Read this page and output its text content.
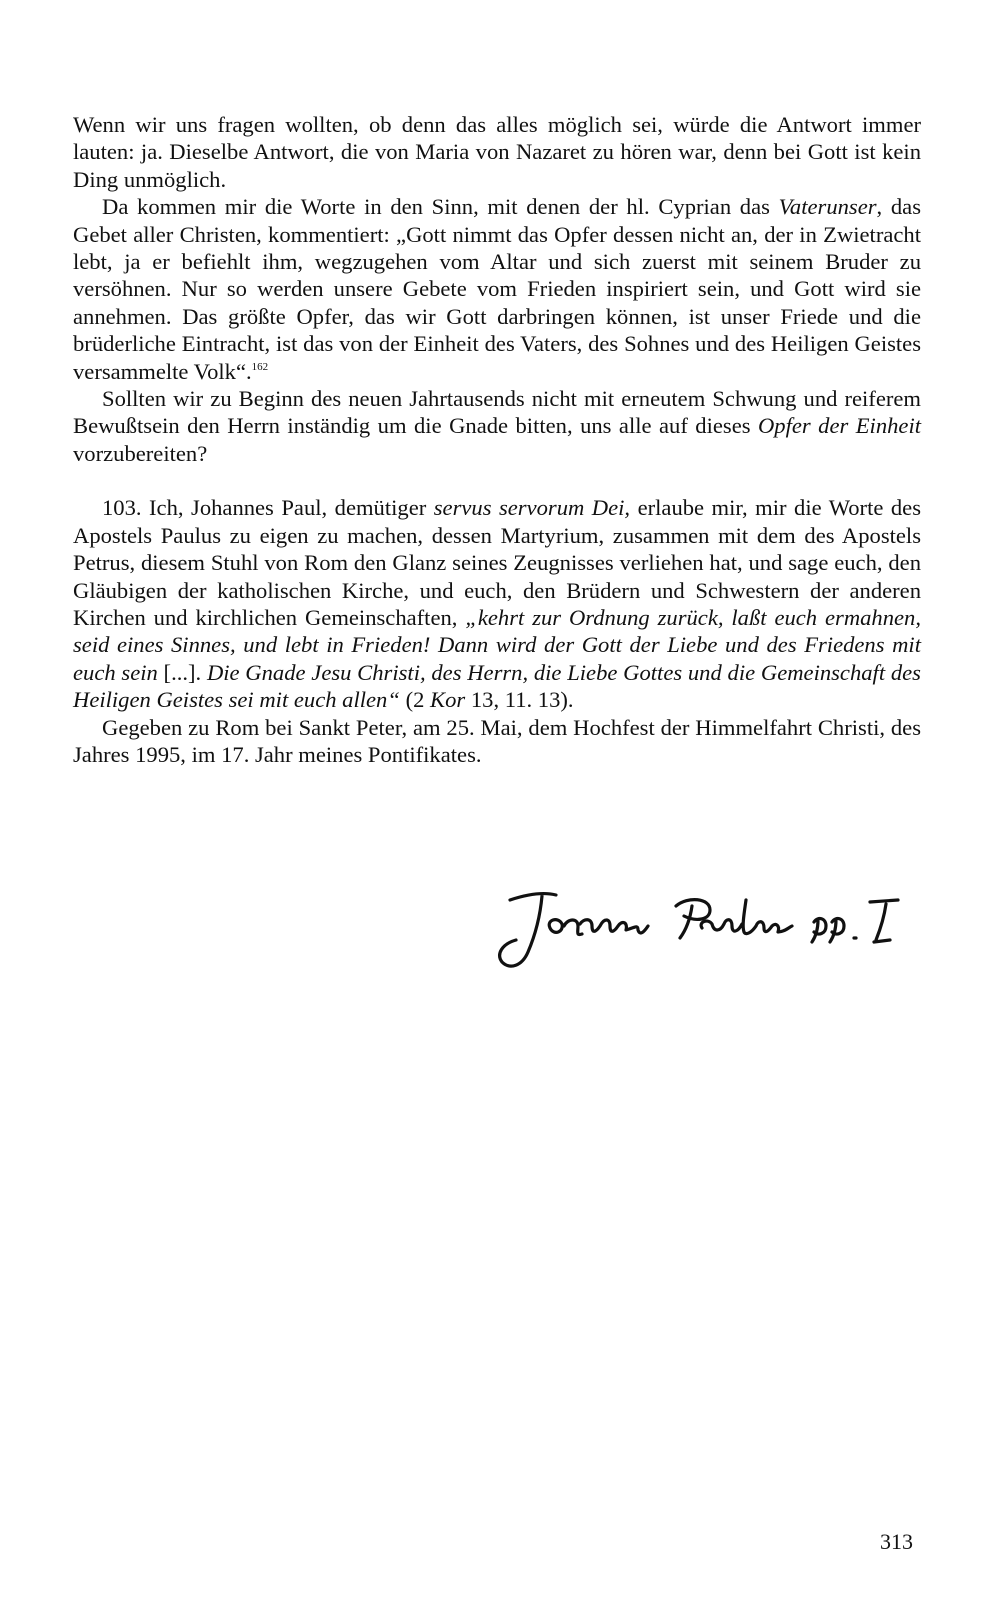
Wenn wir uns fragen wollten, ob denn das alles möglich sei, würde die Antwort immer lauten: ja. Dieselbe Antwort, die von Maria von Nazaret zu hören war, denn bei Gott ist kein Ding unmöglich.

Da kommen mir die Worte in den Sinn, mit denen der hl. Cyprian das Vaterunser, das Gebet aller Christen, kommentiert: „Gott nimmt das Opfer dessen nicht an, der in Zwietracht lebt, ja er befiehlt ihm, wegzugehen vom Altar und sich zuerst mit seinem Bruder zu versöhnen. Nur so werden unsere Gebete vom Frieden inspiriert sein, und Gott wird sie annehmen. Das größte Opfer, das wir Gott darbringen können, ist unser Friede und die brüderliche Eintracht, ist das von der Einheit des Vaters, des Sohnes und des Heiligen Geistes versammelte Volk“.$^{162}$

Sollten wir zu Beginn des neuen Jahrtausends nicht mit erneutem Schwung und reiferem Bewußtsein den Herrn inständig um die Gnade bitten, uns alle auf dieses Opfer der Einheit vorzubereiten?

103. Ich, Johannes Paul, demütiger servus servorum Dei, erlaube mir, mir die Worte des Apostels Paulus zu eigen zu machen, dessen Martyrium, zusammen mit dem des Apostels Petrus, diesem Stuhl von Rom den Glanz seines Zeugnisses verliehen hat, und sage euch, den Gläubigen der katholischen Kirche, und euch, den Brüdern und Schwestern der anderen Kirchen und kirchlichen Gemeinschaften, „kehrt zur Ordnung zurück, laßt euch ermahnen, seid eines Sinnes, und lebt in Frieden! Dann wird der Gott der Liebe und des Friedens mit euch sein [...]. Die Gnade Jesu Christi, des Herrn, die Liebe Gottes und die Gemeinschaft des Heiligen Geistes sei mit euch allen“ (2 Kor 13, 11. 13).

Gegeben zu Rom bei Sankt Peter, am 25. Mai, dem Hochfest der Himmelfahrt Christi, des Jahres 1995, im 17. Jahr meines Pontifikates.

313
